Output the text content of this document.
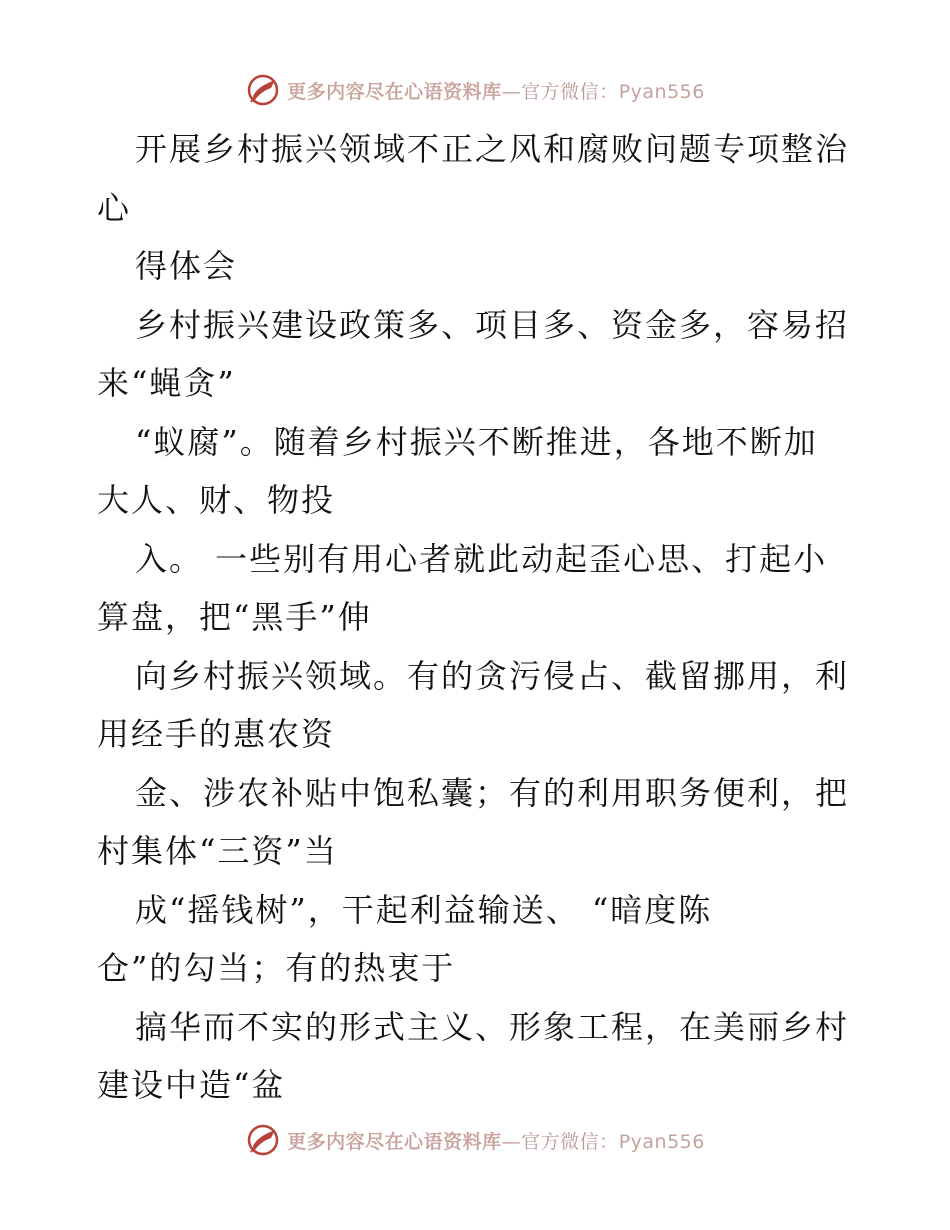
更多内容尽在心语资料库—官方微信：Pyan556
开展乡村振兴领域不正之风和腐败问题专项整治
心
得体会
乡村振兴建设政策多、项目多、资金多，容易招
来“蝇贪”
“蚁腐”。随着乡村振兴不断推进，各地不断加
大人、财、物投
入。 一些别有用心者就此动起歪心思、打起小
算盘，把“黑手”伸
向乡村振兴领域。有的贪污侵占、截留挪用，利
用经手的惠农资
金、涉农补贴中饱私囊；有的利用职务便利，把
村集体“三资”当
成“摇钱树”，干起利益输送、 “暗度陈
仓”的勾当；有的热衷于
搞华而不实的形式主义、形象工程，在美丽乡村
建设中造“盆
更多内容尽在心语资料库—官方微信：Pyan556
